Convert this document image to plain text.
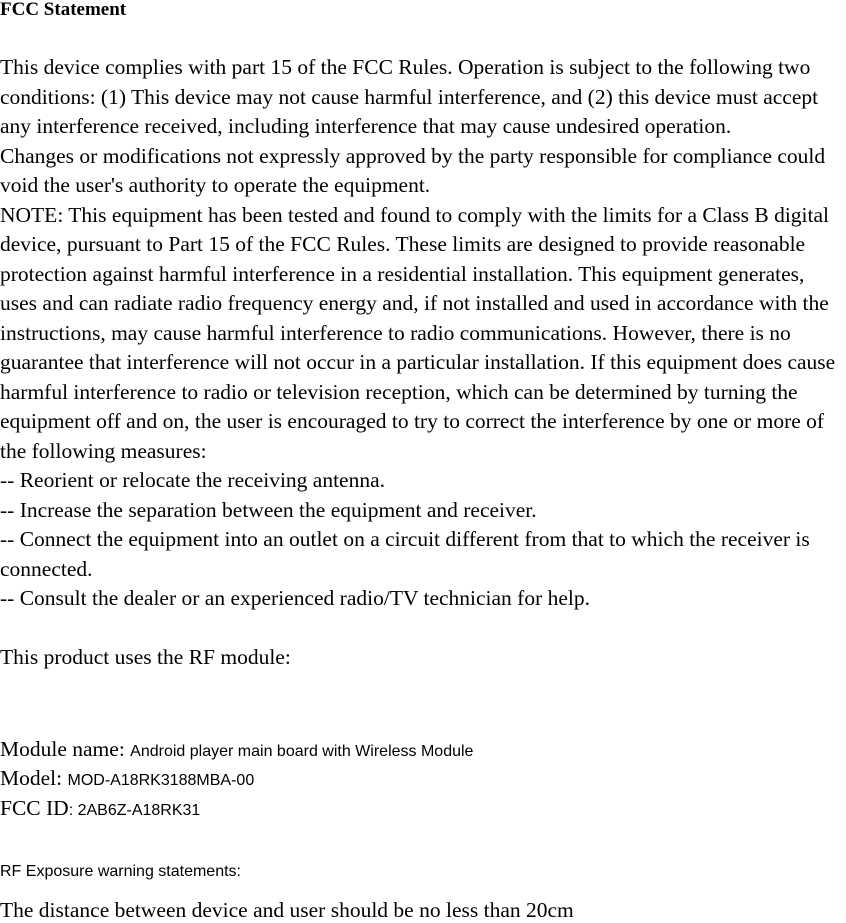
FCC Statement

This device complies with part 15 of the FCC Rules. Operation is subject to the following two conditions: (1) This device may not cause harmful interference, and (2) this device must accept any interference received, including interference that may cause undesired operation.

Changes or modifications not expressly approved by the party responsible for compliance could void the user's authority to operate the equipment.

NOTE: This equipment has been tested and found to comply with the limits for a Class B digital device, pursuant to Part 15 of the FCC Rules. These limits are designed to provide reasonable protection against harmful interference in a residential installation. This equipment generates, uses and can radiate radio frequency energy and, if not installed and used in accordance with the instructions, may cause harmful interference to radio communications. However, there is no guarantee that interference will not occur in a particular installation. If this equipment does cause harmful interference to radio or television reception, which can be determined by turning the equipment off and on, the user is encouraged to try to correct the interference by one or more of the following measures:

-- Reorient or relocate the receiving antenna.

-- Increase the separation between the equipment and receiver.

-- Connect the equipment into an outlet on a circuit different from that to which the receiver is connected.

-- Consult the dealer or an experienced radio/TV technician for help.

This product uses the RF module:

Module name: Android player main board with Wireless Module
Model: MOD-A18RK3188MBA-00
FCC ID: 2AB6Z-A18RK31
RF Exposure warning statements:
The distance between device and user should be no less than 20cm
